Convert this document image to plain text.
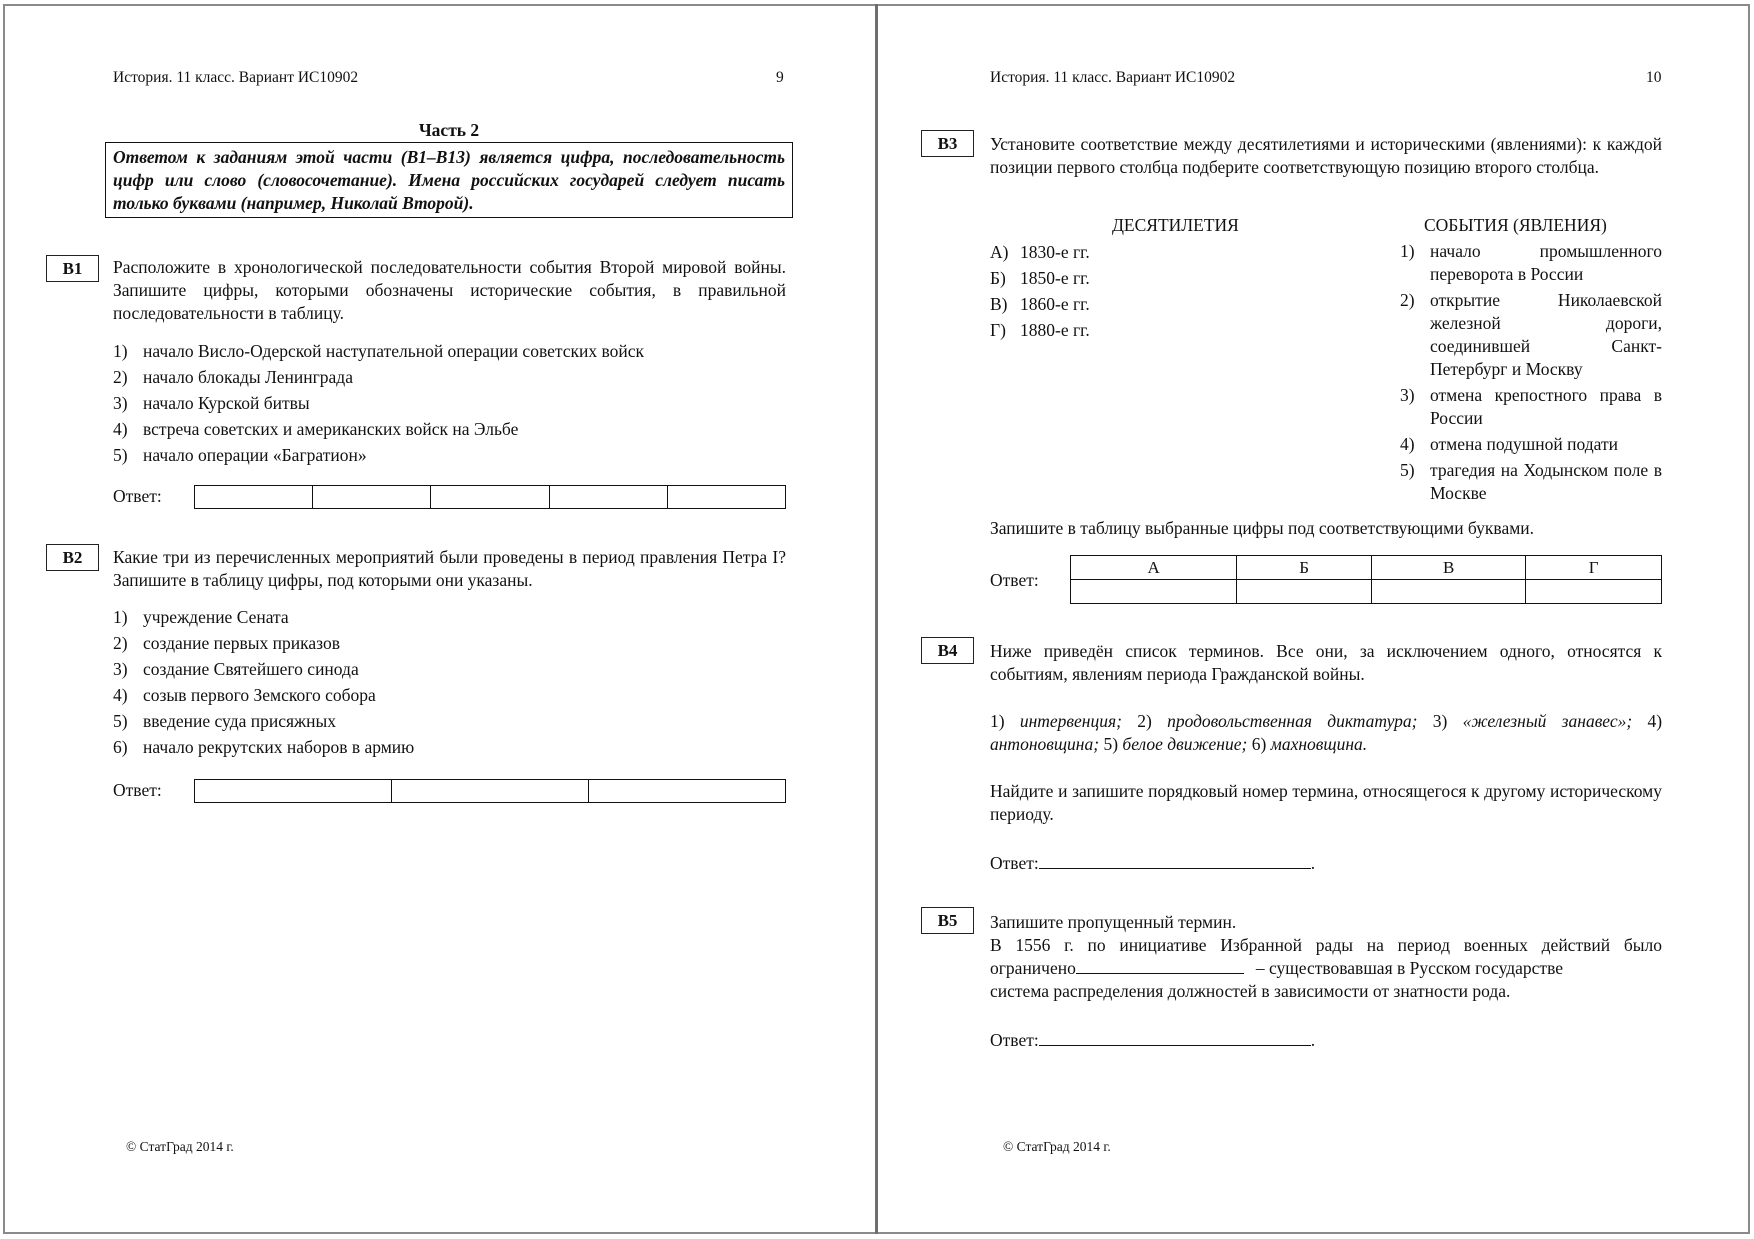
История. 11 класс. Вариант ИС10902	9
Часть 2
Ответом к заданиям этой части (В1–В13) является цифра, последовательность цифр или слово (словосочетание). Имена российских государей следует писать только буквами (например, Николай Второй).
В1	Расположите в хронологической последовательности события Второй мировой войны. Запишите цифры, которыми обозначены исторические события, в правильной последовательности в таблицу.
1) начало Висло-Одерской наступательной операции советских войск
2) начало блокады Ленинграда
3) начало Курской битвы
4) встреча советских и американских войск на Эльбе
5) начало операции «Багратион»
Ответ:

В2	Какие три из перечисленных мероприятий были проведены в период правления Петра I? Запишите в таблицу цифры, под которыми они указаны.
1) учреждение Сената
2) создание первых приказов
3) создание Святейшего синода
4) созыв первого Земского собора
5) введение суда присяжных
6) начало рекрутских наборов в армию
Ответ:

© СтатГрад 2014 г.
История. 11 класс. Вариант ИС10902	10
В3	Установите соответствие между десятилетиями и историческими (явлениями): к каждой позиции первого столбца подберите соответствующую позицию второго столбца.
ДЕСЯТИЛЕТИЯ
А) 1830-е гг.
Б) 1850-е гг.
В) 1860-е гг.
Г) 1880-е гг.
СОБЫТИЯ (ЯВЛЕНИЯ)
1) начало промышленного переворота в России
2) открытие Николаевской железной дороги, соединившей Санкт-Петербург и Москву
3) отмена крепостного права в России
4) отмена подушной подати
5) трагедия на Ходынском поле в Москве
Запишите в таблицу выбранные цифры под соответствующими буквами.
Ответ:
А	Б	В	Г

В4	Ниже приведён список терминов. Все они, за исключением одного, относятся к событиям, явлениям периода Гражданской войны.
1) интервенция; 2) продовольственная диктатура; 3) «железный занавес»; 4) антоновщина; 5) белое движение; 6) махновщина.
Найдите и запишите порядковый номер термина, относящегося к другому историческому периоду.
Ответ:	.
В5	Запишите пропущенный термин.
В 1556 г. по инициативе Избранной рады на период военных действий было
ограничено	– существовавшая в Русском государстве
система распределения должностей в зависимости от знатности рода.
Ответ:	.
© СтатГрад 2014 г.
